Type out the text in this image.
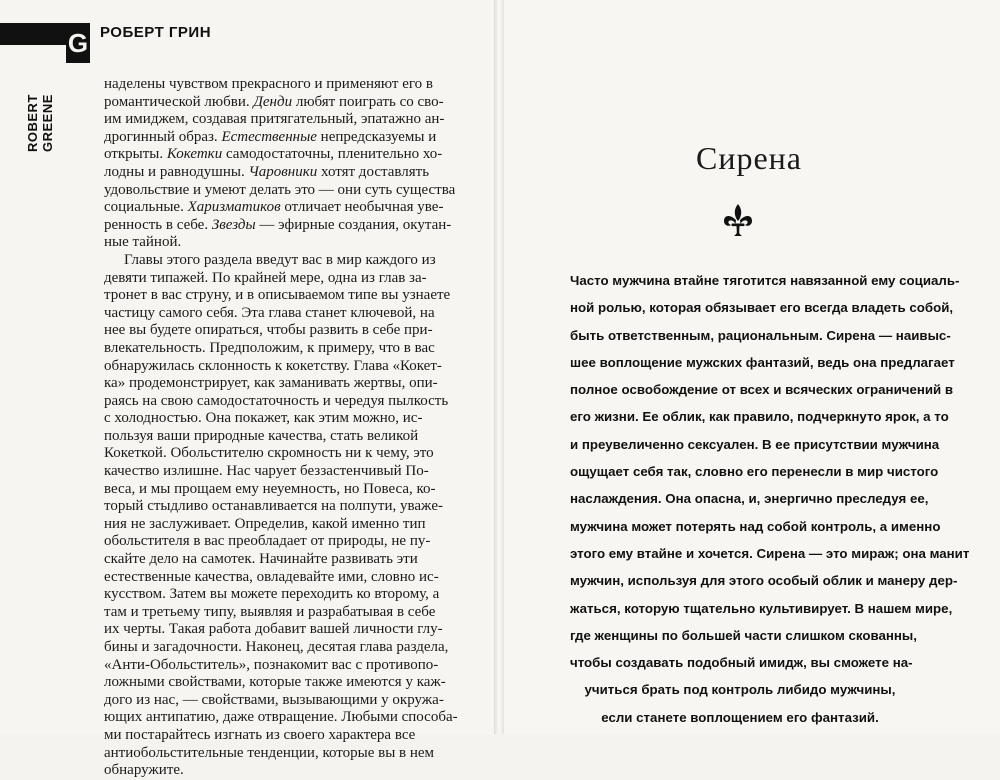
G РОБЕРТ ГРИН
ROBERT GREENE
наделены чувством прекрасного и применяют его в
романтической любви. Денди любят поиграть со сво-
им имиджем, создавая притягательный, эпатажно ан-
дрогинный образ. Естественные непредсказуемы и
открыты. Кокетки самодостаточны, пленительно хо-
лодны и равнодушны. Чаровники хотят доставлять
удовольствие и умеют делать это — они суть существа
социальные. Харизматиков отличает необычная уве-
ренность в себе. Звезды — эфирные создания, окутан-
ные тайной.
Главы этого раздела введут вас в мир каждого из
девяти типажей. По крайней мере, одна из глав за-
тронет в вас струну, и в описываемом типе вы узнаете
частицу самого себя. Эта глава станет ключевой, на
нее вы будете опираться, чтобы развить в себе при-
влекательность. Предположим, к примеру, что в вас
обнаружилась склонность к кокетству. Глава «Кокет-
ка» продемонстрирует, как заманивать жертвы, опи-
раясь на свою самодостаточность и чередуя пылкость
с холодностью. Она покажет, как этим можно, ис-
пользуя ваши природные качества, стать великой
Кокеткой. Обольстителю скромность ни к чему, это
качество излишне. Нас чарует беззастенчивый По-
веса, и мы прощаем ему неуемность, но Повеса, ко-
торый стыдливо останавливается на полпути, уважe-
ния не заслуживает. Определив, какой именно тип
обольстителя в вас преобладает от природы, не пу-
скайте дело на самотек. Начинайте развивать эти
естественные качества, овладевайте ими, словно ис-
кусством. Затем вы можете переходить ко второму, а
там и третьему типу, выявляя и разрабатывая в себе
их черты. Такая работа добавит вашей личности глу-
бины и загадочности. Наконец, десятая глава раздела,
«Анти-Обольститель», познакомит вас с противопо-
ложными свойствами, которые также имеются у каж-
дого из нас, — свойствами, вызывающими у окружа-
ющих антипатию, даже отвращение. Любыми способа-
ми постарайтесь изгнать из своего характера все
антиобольстительные тенденции, которые вы в нем
обнаружите.
Сирена
Часто мужчина втайне тяготится навязанной ему социаль-
ной ролью, которая обязывает его всегда владеть собой,
быть ответственным, рациональным. Сирена — наивыс-
шее воплощение мужских фантазий, ведь она предлагает
полное освобождение от всех и всяческих ограничений в
его жизни. Ее облик, как правило, подчеркнуто ярок, а то
и преувеличенно сексуален. В ее присутствии мужчина
ощущает себя так, словно его перенесли в мир чистого
наслаждения. Она опасна, и, энергично преследуя ее,
мужчина может потерять над собой контроль, а именно
этого ему втайне и хочется. Сирена — это мираж; она манит
мужчин, используя для этого особый облик и манеру дер-
жаться, которую тщательно культивирует. В нашем мире,
где женщины по большей части слишком скованны,
чтобы создавать подобный имидж, вы сможете на-
учиться брать под контроль либидо мужчины,
если станете воплощением его фантазий.
